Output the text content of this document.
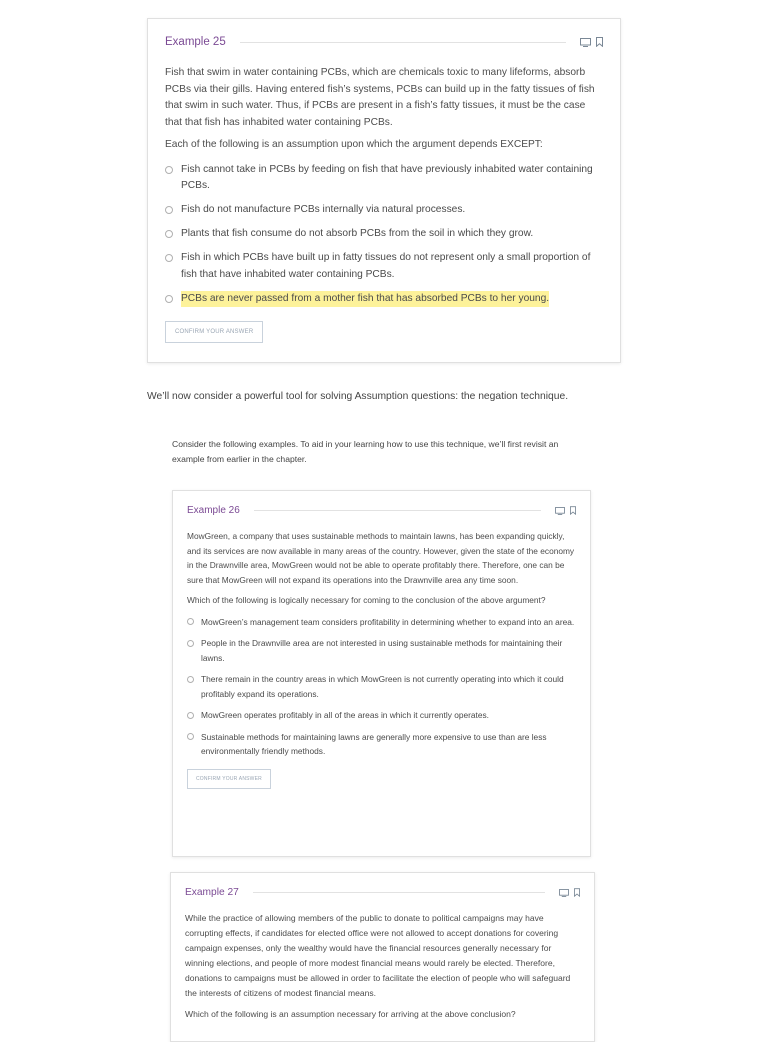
Example 25

Fish that swim in water containing PCBs, which are chemicals toxic to many lifeforms, absorb PCBs via their gills. Having entered fish’s systems, PCBs can build up in the fatty tissues of fish that swim in such water. Thus, if PCBs are present in a fish’s fatty tissues, it must be the case that that fish has inhabited water containing PCBs.

Each of the following is an assumption upon which the argument depends EXCEPT:

Fish cannot take in PCBs by feeding on fish that have previously inhabited water containing PCBs.
Fish do not manufacture PCBs internally via natural processes.
Plants that fish consume do not absorb PCBs from the soil in which they grow.
Fish in which PCBs have built up in fatty tissues do not represent only a small proportion of fish that have inhabited water containing PCBs.
PCBs are never passed from a mother fish that has absorbed PCBs to her young.
CONFIRM YOUR ANSWER

We’ll now consider a powerful tool for solving Assumption questions: the negation technique.

Consider the following examples. To aid in your learning how to use this technique, we’ll first revisit an example from earlier in the chapter.

Example 26

MowGreen, a company that uses sustainable methods to maintain lawns, has been expanding quickly, and its services are now available in many areas of the country. However, given the state of the economy in the Drawnville area, MowGreen would not be able to operate profitably there. Therefore, one can be sure that MowGreen will not expand its operations into the Drawnville area any time soon.

Which of the following is logically necessary for coming to the conclusion of the above argument?

MowGreen’s management team considers profitability in determining whether to expand into an area.
People in the Drawnville area are not interested in using sustainable methods for maintaining their lawns.
There remain in the country areas in which MowGreen is not currently operating into which it could profitably expand its operations.
MowGreen operates profitably in all of the areas in which it currently operates.
Sustainable methods for maintaining lawns are generally more expensive to use than are less environmentally friendly methods.
CONFIRM YOUR ANSWER
Example 27

While the practice of allowing members of the public to donate to political campaigns may have corrupting effects, if candidates for elected office were not allowed to accept donations for covering campaign expenses, only the wealthy would have the financial resources generally necessary for winning elections, and people of more modest financial means would rarely be elected. Therefore, donations to campaigns must be allowed in order to facilitate the election of people who will safeguard the interests of citizens of modest financial means.

Which of the following is an assumption necessary for arriving at the above conclusion?
